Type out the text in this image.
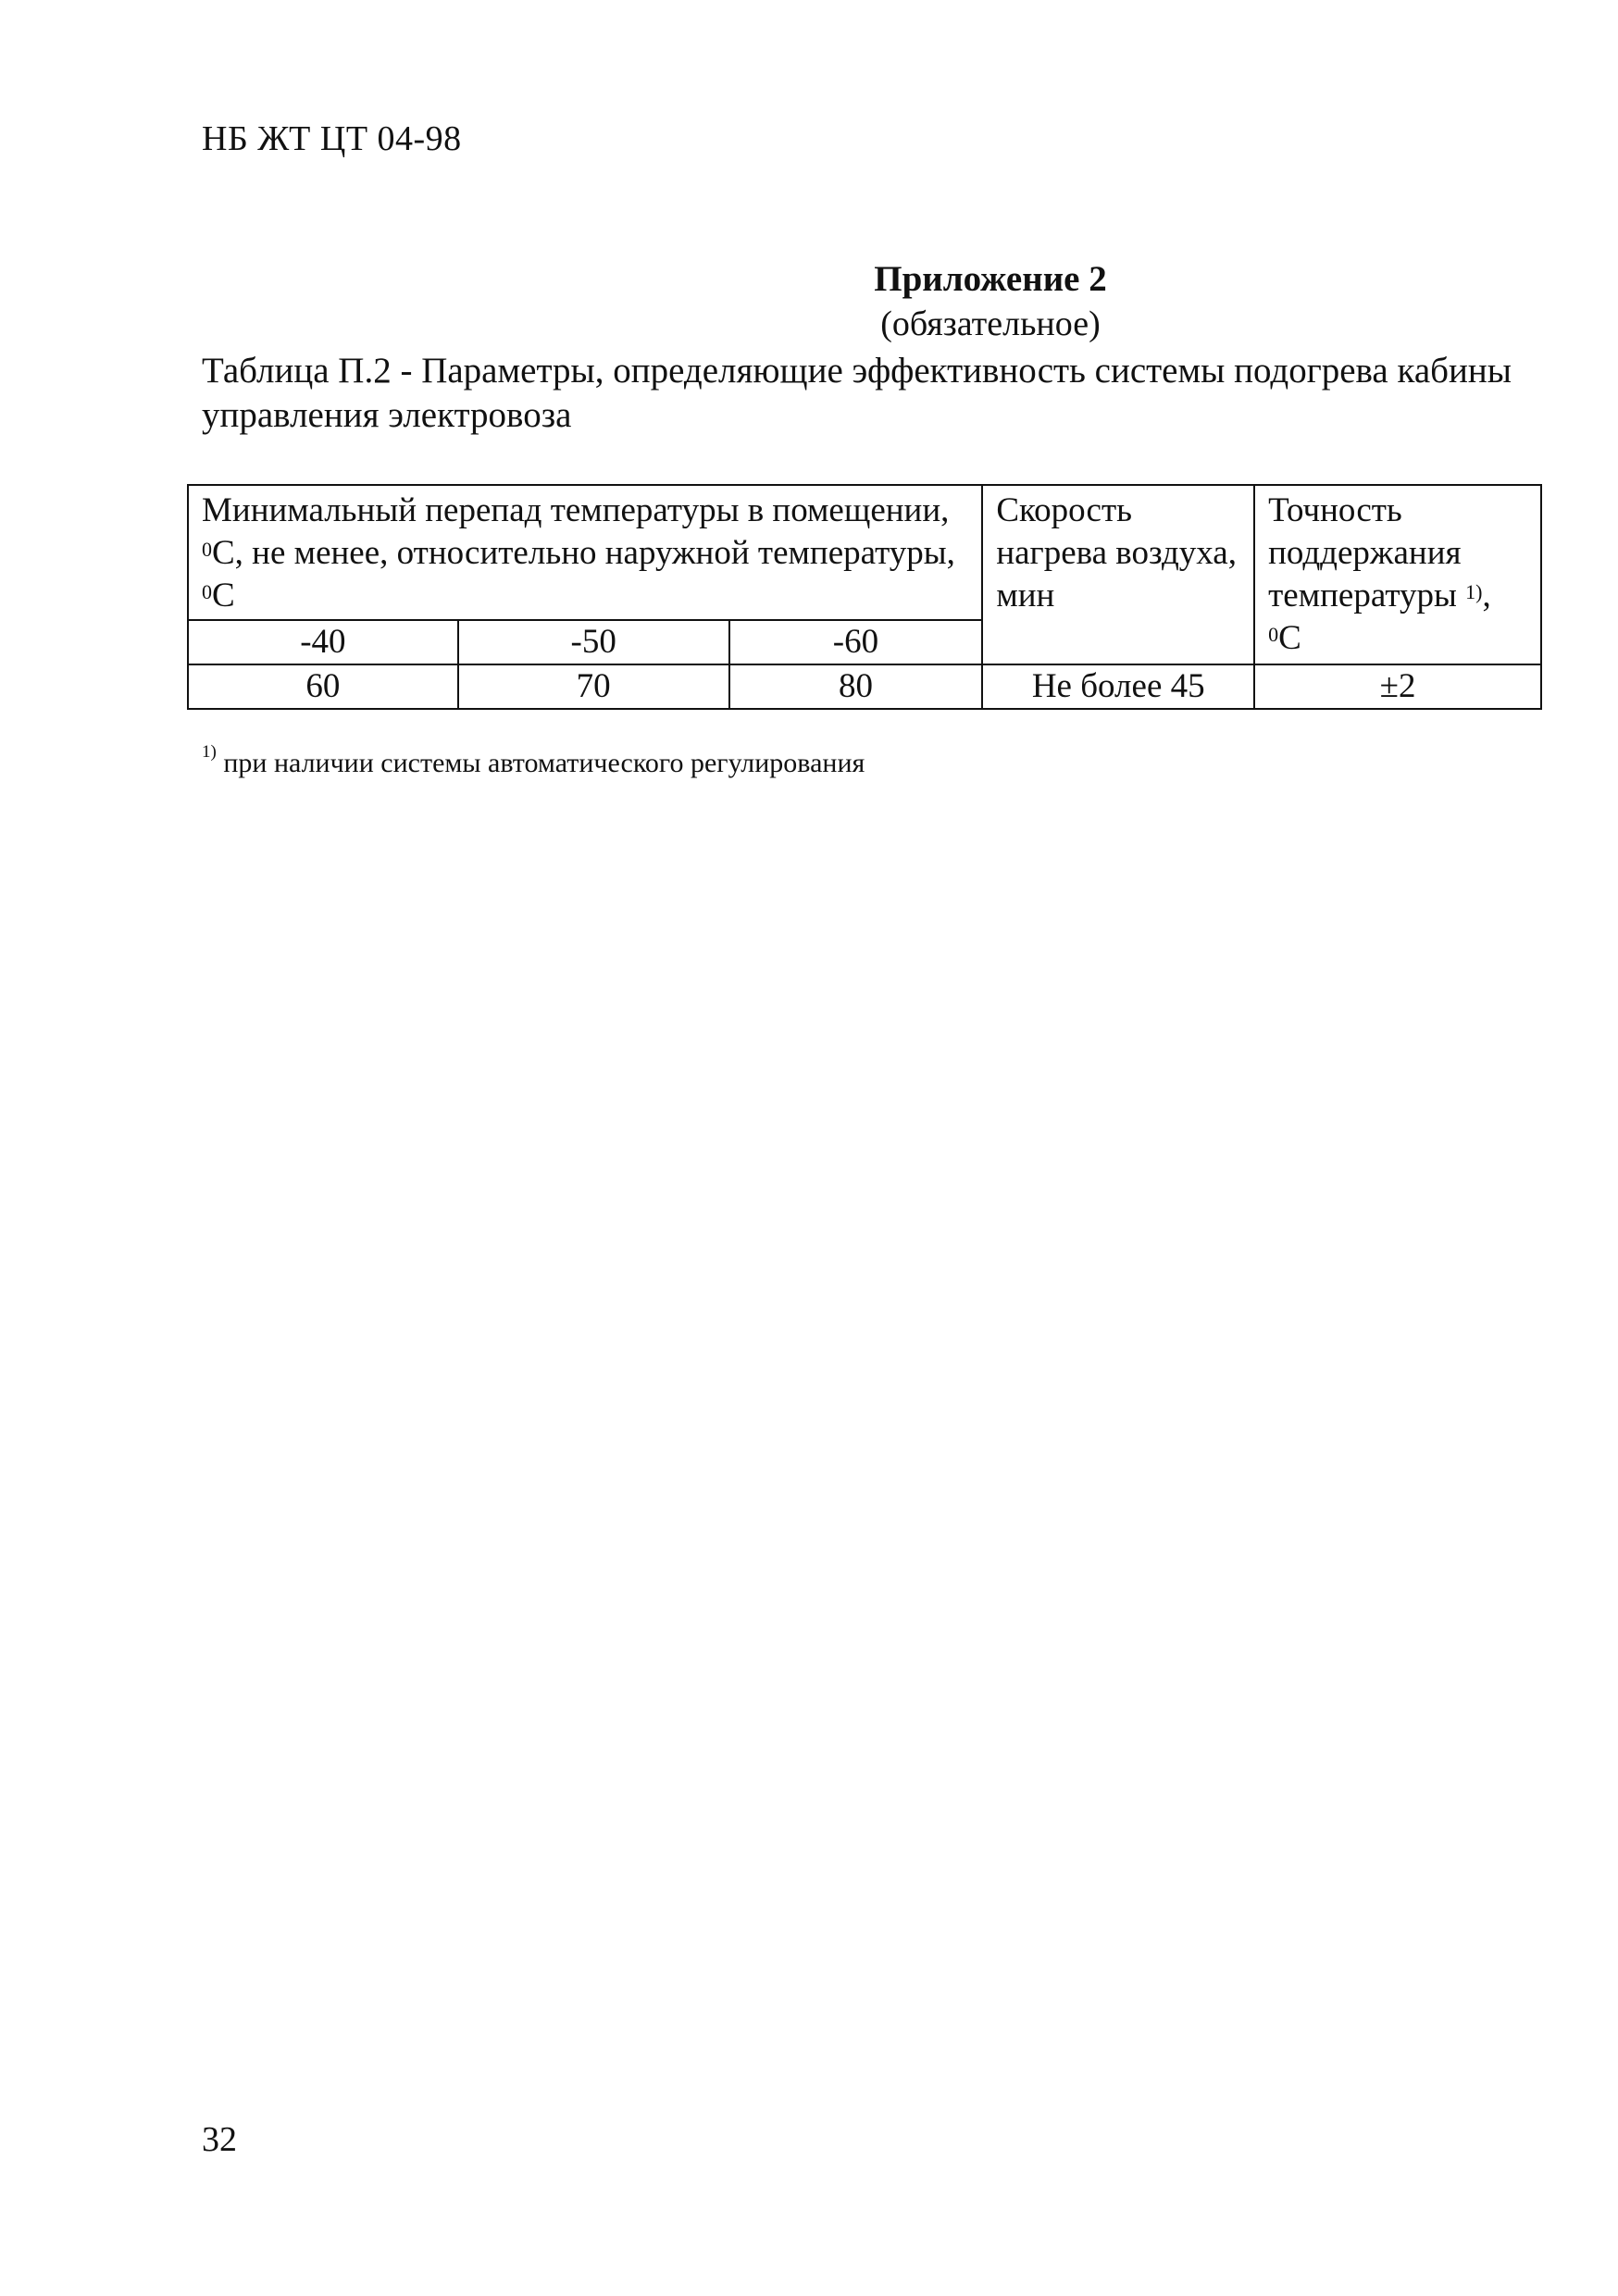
НБ ЖТ ЦТ 04-98
Приложение 2
(обязательное)
Таблица П.2 - Параметры, определяющие эффективность системы подогрева кабины управления электровоза
Минимальный перепад температуры в помещении, $^0$C, не менее, относительно наружной температуры, $^0$C			Скорость нагрева воздуха, мин	Точность поддержания температуры $^{1)}$,
$^0$C
-40	-50	-60		
60	70	80	Не более 45	±2
$^{1)}$ при наличии системы автоматического регулирования
32
